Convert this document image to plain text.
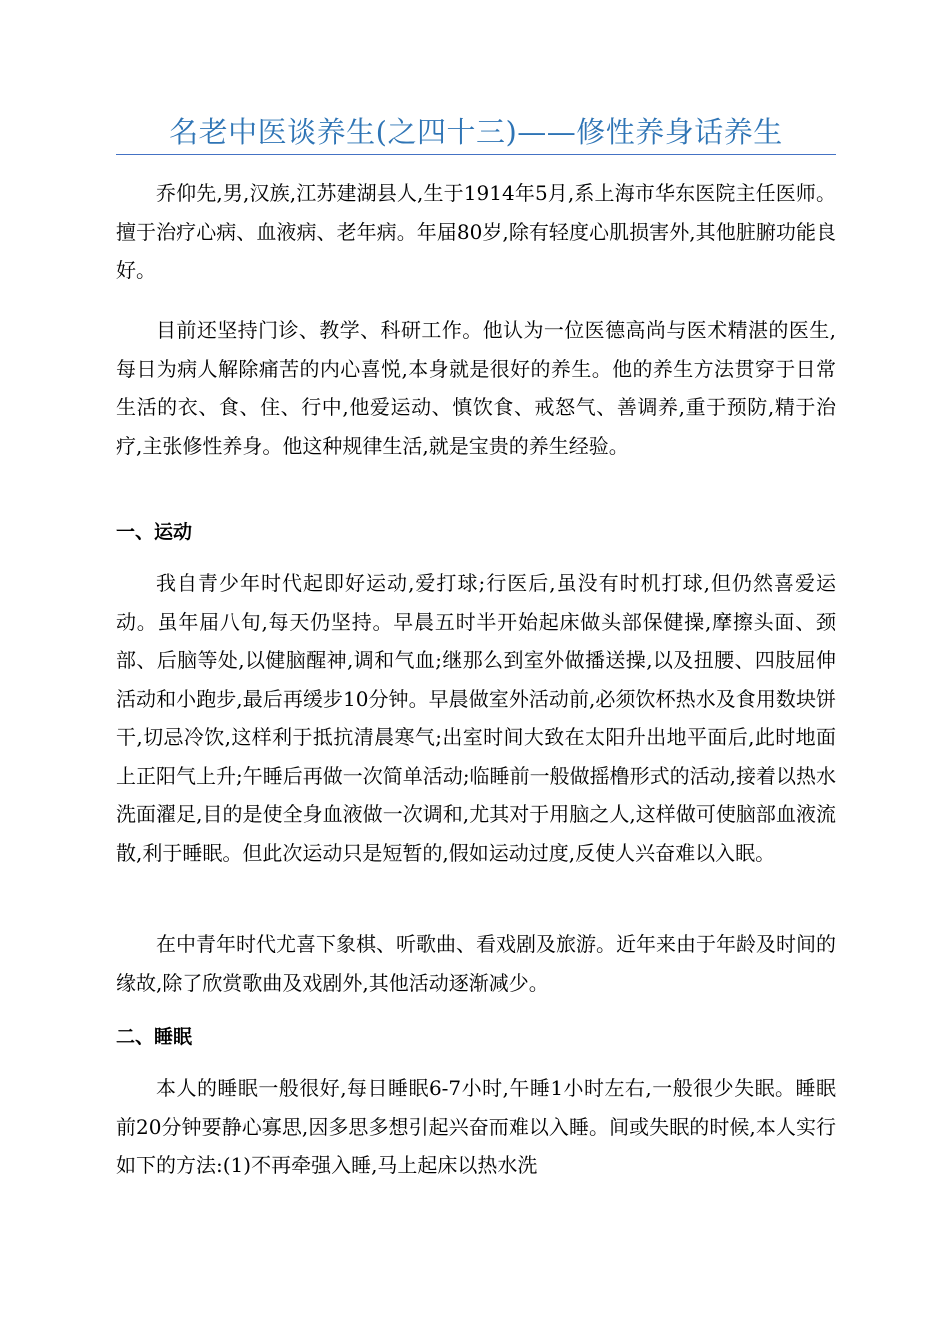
名老中医谈养生(之四十三)——修性养身话养生

乔仰先,男,汉族,江苏建湖县人,生于1914年5月,系上海市华东医院主任医师。擅于治疗心病、血液病、老年病。年届80岁,除有轻度心肌损害外,其他脏腑功能良好。

目前还坚持门诊、教学、科研工作。他认为一位医德高尚与医术精湛的医生,每日为病人解除痛苦的内心喜悦,本身就是很好的养生。他的养生方法贯穿于日常生活的衣、食、住、行中,他爱运动、慎饮食、戒怒气、善调养,重于预防,精于治疗,主张修性养身。他这种规律生活,就是宝贵的养生经验。

一、运动

我自青少年时代起即好运动,爱打球;行医后,虽没有时机打球,但仍然喜爱运动。虽年届八旬,每天仍坚持。早晨五时半开始起床做头部保健操,摩擦头面、颈部、后脑等处,以健脑醒神,调和气血;继那么到室外做播送操,以及扭腰、四肢屈伸活动和小跑步,最后再缓步10分钟。早晨做室外活动前,必须饮杯热水及食用数块饼干,切忌冷饮,这样利于抵抗清晨寒气;出室时间大致在太阳升出地平面后,此时地面上正阳气上升;午睡后再做一次简单活动;临睡前一般做摇橹形式的活动,接着以热水洗面濯足,目的是使全身血液做一次调和,尤其对于用脑之人,这样做可使脑部血液流散,利于睡眠。但此次运动只是短暂的,假如运动过度,反使人兴奋难以入眠。

在中青年时代尤喜下象棋、听歌曲、看戏剧及旅游。近年来由于年龄及时间的缘故,除了欣赏歌曲及戏剧外,其他活动逐渐减少。

二、睡眠

本人的睡眠一般很好,每日睡眠6-7小时,午睡1小时左右,一般很少失眠。睡眠前20分钟要静心寡思,因多思多想引起兴奋而难以入睡。间或失眠的时候,本人实行如下的方法:(1)不再牵强入睡,马上起床以热水洗
